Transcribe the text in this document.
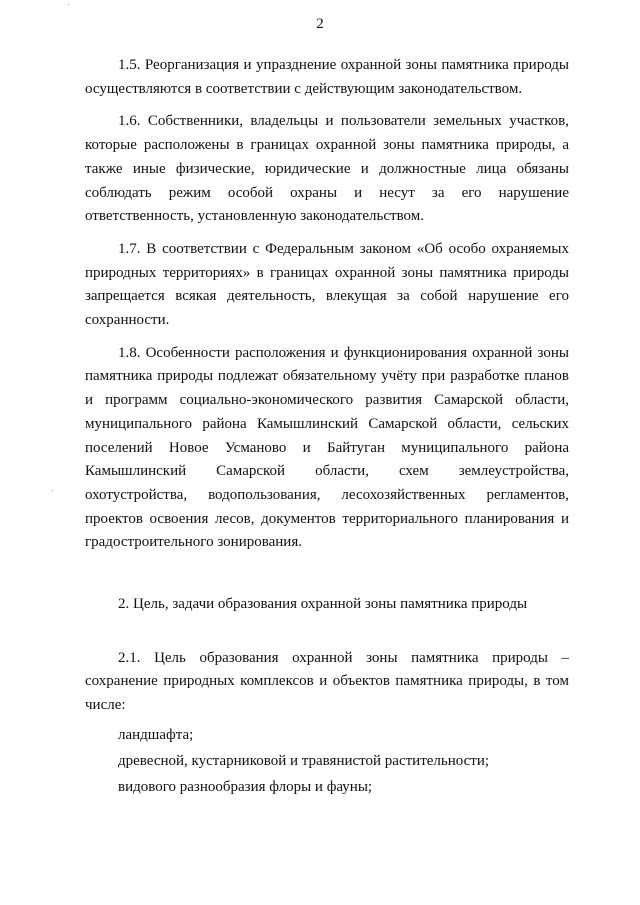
2

1.5. Реорганизация и упразднение охранной зоны памятника природы осуществляются в соответствии с действующим законодательством.

1.6. Собственники, владельцы и пользователи земельных участков, которые расположены в границах охранной зоны памятника природы, а также иные физические, юридические и должностные лица обязаны соблюдать режим особой охраны и несут за его нарушение ответственность, установленную законодательством.

1.7. В соответствии с Федеральным законом «Об особо охраняемых природных территориях» в границах охранной зоны памятника природы запрещается всякая деятельность, влекущая за собой нарушение его сохранности.

1.8. Особенности расположения и функционирования охранной зоны памятника природы подлежат обязательному учёту при разработке планов и программ социально-экономического развития Самарской области, муниципального района Камышлинский Самарской области, сельских поселений Новое Усманово и Байтуган муниципального района Камышлинский Самарской области, схем землеустройства, охотустройства, водопользования, лесохозяйственных регламентов, проектов освоения лесов, документов территориального планирования и градостроительного зонирования.

2. Цель, задачи образования охранной зоны памятника природы

2.1. Цель образования охранной зоны памятника природы – сохранение природных комплексов и объектов памятника природы, в том числе:

ландшафта;

древесной, кустарниковой и травянистой растительности;

видового разнообразия флоры и фауны;
